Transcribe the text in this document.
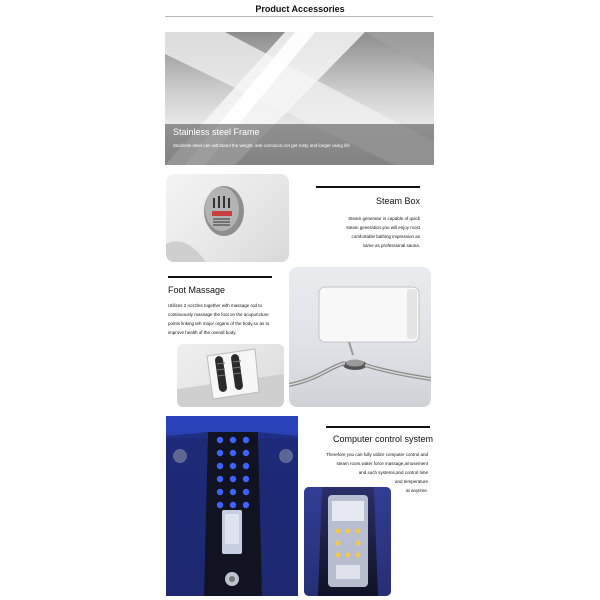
Product Accessories
Stainless steel Frame
Stainless steel can withstand the weight, anti-corrosion,not get rusty and longer using life
Steam Box
Steam generator is capable of quick
steam generation.you will enjoy most
comfortable bathing impression as
same as professional sauna.
Foot Massage
Utilizes 2 nozzles together with massage rod to
continuously massage the foot on the acupuncture
points linking teh major organs of the body,so as to
improve health of the overall body.
Computer control system
Therefore you can fully utilize computer control and
steam room,water force massage,amusement
and such systems,and control time
and temperature
at anytime.
